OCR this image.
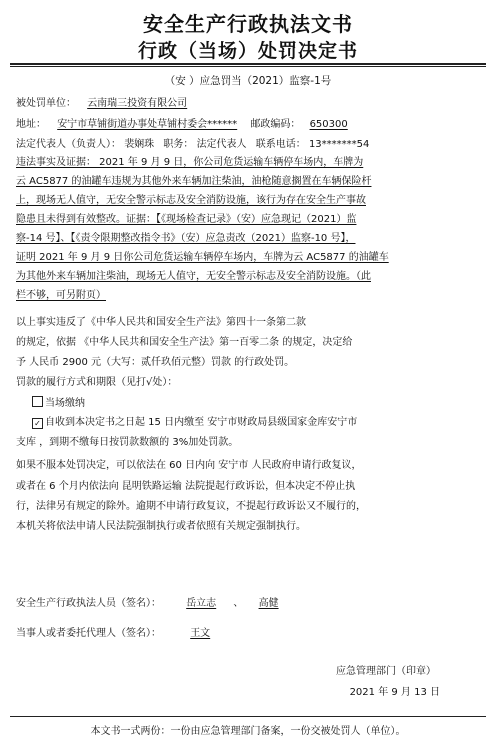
安全生产行政执法文书
行政（当场）处罚决定书
（安 ）应急罚当（2021）监察-1号
被处罚单位： 云南瑞三投资有限公司
地址： 安宁市草铺街道办事处草铺村委会****** 邮政编码： 650300
法定代表人（负责人）： 裴娴珠 职务： 法定代表人 联系电话： 13*******54
违法事实及证据： 2021 年 9 月 9 日，你公司危货运输车辆停车场内，车牌为
云 AC5877 的油罐车违规为其他外来车辆加注柴油，油枪随意搁置在车辆保险杆
上，现场无人值守，无安全警示标志及安全消防设施，该行为存在安全生产事故
隐患且未得到有效整改。证据：【《现场检查记录》（安）应急现记（2021）监
察-14 号】、【《责令限期整改指令书》（安）应急责改（2021）监察-10 号】，
证明 2021 年 9 月 9 日你公司危货运输车辆停车场内，车牌为云 AC5877 的油罐车
为其他外来车辆加注柴油，现场无人值守，无安全警示标志及安全消防设施。（此
栏不够，可另附页）
以上事实违反了《中华人民共和国安全生产法》第四十一条第二款
的规定，依据 《中华人民共和国安全生产法》第一百零二条 的规定，决定给
予 人民币 2900 元（大写：贰仟玖佰元整）罚款 的行政处罚。
罚款的履行方式和期限（见打√处）：
当场缴纳
✓ 自收到本决定书之日起 15 日内缴至 安宁市财政局县级国家金库安宁市
支库 ，到期不缴每日按罚款数额的 3%加处罚款。
如果不服本处罚决定，可以依法在 60 日内向 安宁市 人民政府申请行政复议，
或者在 6 个月内依法向 昆明铁路运输 法院提起行政诉讼，但本决定不停止执
行，法律另有规定的除外。逾期不申请行政复议，不提起行政诉讼又不履行的，
本机关将依法申请人民法院强制执行或者依照有关规定强制执行。
安全生产行政执法人员（签名）：	岳立志 、 高健
当事人或者委托代理人（签名）：	王文
应急管理部门（印章）
2021 年 9 月 13 日
本文书一式两份：一份由应急管理部门备案，一份交被处罚人（单位）。
